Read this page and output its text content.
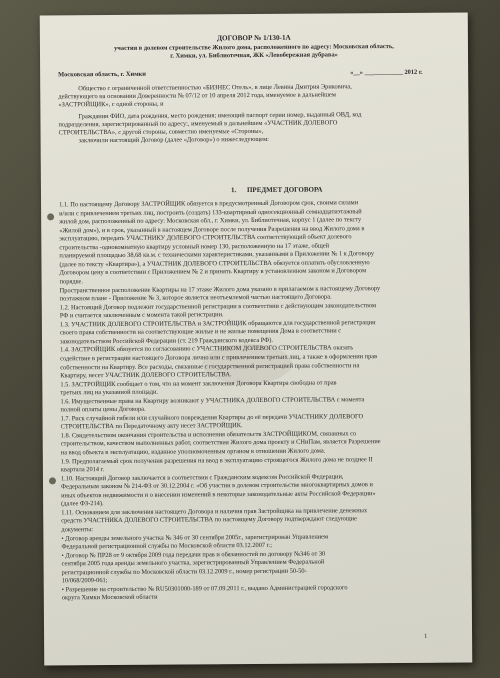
ДОГОВОР № 1/130-1А
участия в долевом строительстве Жилого дома, расположенного по адресу: Московская область,
г. Химки, ул. Библиотечная, ЖК «Левобережная дубрава»
Московская область, г. Химки	«__» ____________ 2012 г.
Общество с ограниченной ответственностью «БИЗНЕС Отель», в лице Левина Дмитрия Эриковича,
действующего на основании Доверенности № 07/12 от 10 апреля 2012 года, именуемое в дальнейшем
«ЗАСТРОЙЩИК», с одной стороны, и
Гражданин ФИО, дата рождения, место рождения; имеющий паспорт серии номер, выданный ОВД, код
подразделения, зарегистрированный по адресу:, именуемый в дальнейшем «УЧАСТНИК ДОЛЕВОГО
СТРОИТЕЛЬСТВА», с другой стороны, совместно именуемые «Стороны»,
заключили настоящий Договор (далее «Договор») о нижеследующем:
1. ПРЕДМЕТ ДОГОВОРА
1.1. По настоящему Договору ЗАСТРОЙЩИК обязуется в предусмотренный Договором срок, своими силами
и/или с привлечением третьих лиц, построить (создать) 133-квартирный односекционный семнадцатиэтажный
жилой дом, расположенный по адресу: Московская обл., г. Химки, ул. Библиотечная, корпус 1 (далее по тексту
«Жилой дом»), и в срок, указанный в настоящем Договоре после получения Разрешения на ввод Жилого дома в
эксплуатацию, передать УЧАСТНИКУ ДОЛЕВОГО СТРОИТЕЛЬСТВА соответствующий объект долевого
строительства -однокомнатную квартиру условный номер 130, расположенную на 17 этаже, общей
планируемой площадью 38,68 кв.м. с техническими характеристиками, указанными в Приложении № 1 к Договору
(далее по тексту «Квартира»), а УЧАСТНИК ДОЛЕВОГО СТРОИТЕЛЬСТВА обязуется оплатить обусловленную
Договором цену в соответствии с Приложением № 2 и принять Квартиру в установленном законом и Договором
порядке.
Пространственное расположение Квартиры на 17 этаже Жилого дома указано в прилагаемом к настоящему Договору
поэтажном плане - Приложение № 3, которое является неотъемлемой частью настоящего Договора.
1.2. Настоящий Договор подлежит государственной регистрации в соответствии с действующим законодательством
РФ и считается заключенным с момента такой регистрации.
1.3. УЧАСТНИК ДОЛЕВОГО СТРОИТЕЛЬСТВА и ЗАСТРОЙЩИК обращаются для государственной регистрации
своего права собственности на соответствующие жилые и не жилые помещения Дома в соответствии с
законодательством Российской Федерации (ст. 219 Гражданского кодекса РФ).
1.4. ЗАСТРОЙЩИК обязуется по согласованию с УЧАСТНИКОМ ДОЛЕВОГО СТРОИТЕЛЬСТВА оказать
содействие в регистрации настоящего Договора лично или с привлечением третьих лиц, а также в оформлении прав
собственности на Квартиру. Все расходы, связанные с государственной регистрацией права собственности на
Квартиру, несет УЧАСТНИК ДОЛЕВОГО СТРОИТЕЛЬСТВА.
1.5. ЗАСТРОЙЩИК сообщает о том, что на момент заключения Договора Квартира свободна от прав
третьих лиц на указанной площади.
1.6. Имущественные права на Квартиру возникают у УЧАСТНИКА ДОЛЕВОГО СТРОИТЕЛЬСТВА с момента
полной оплаты цены Договора.
1.7. Риск случайной гибели или случайного повреждения Квартиры до её передачи УЧАСТНИКУ ДОЛЕВОГО
СТРОИТЕЛЬСТВА по Передаточному акту несет ЗАСТРОЙЩИК.
1.8. Свидетельством окончания строительства и исполнения обязательств ЗАСТРОЙЩИКОМ, связанных со
строительством, качеством выполненных работ, соответствия Жилого дома проекту и СНиПам, является Разрешение
на ввод объекта в эксплуатацию, изданное уполномоченным органом в отношении Жилого дома.
1.9. Предполагаемый срок получения разрешения на ввод в эксплуатацию строящегося Жилого дома не позднее II
квартала 2014 г.
1.10. Настоящий Договор заключается в соответствии с Гражданским кодексом Российской Федерации,
Федеральным законом № 214-ФЗ от 30.12.2004 г. «Об участии в долевом строительстве многоквартирных домов и
иных объектов недвижимости и о внесении изменений в некоторые законодательные акты Российской Федерации»
(далее ФЗ-214).
1.11. Основанием для заключения настоящего Договора и наличия прав Застройщика на привлечение денежных
средств УЧАСТНИКА ДОЛЕВОГО СТРОИТЕЛЬСТВА по настоящему Договору подтверждают следующие
документы:
• Договор аренды земельного участка № 346 от 30 сентября 2005г., зарегистрирован Управлением
Федеральной регистрационной службы по Московской области 03.12.2007 г.;
• Договор № ПР28 от 9 октября 2009 года передачи прав и обязанностей по договору №346 от 30
сентября 2005 года аренды земельного участка, зарегистрированный Управлением Федеральной
регистрационной службы по Московской области 03.12.2009 г., номер регистрации 50-50-
10/068/2009-061;
• Разрешение на строительство № RU50301000-189 от 07.09.2011 г., выдано Администрацией городского
округа Химки Московской области
1
